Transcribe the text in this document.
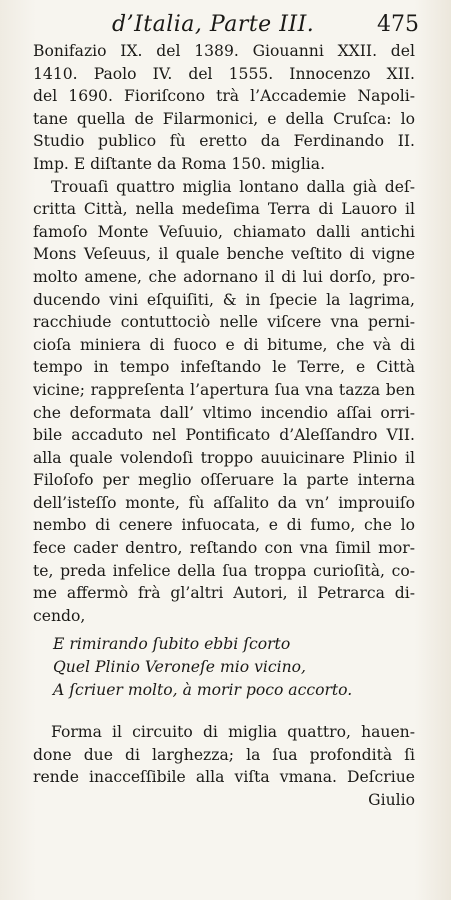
d’Italia, Parte III.	475
Bonifazio IX. del 1389. Giouanni XXII. del
1410. Paolo IV. del 1555. Innocenzo XII.
del 1690. Fioriſcono trà l’Accademie Napoli-
tane quella de Filarmonici, e della Cruſca: lo
Studio publico fù eretto da Ferdinando II.
Imp. E diſtante da Roma 150. miglia.
Trouaſi quattro miglia lontano dalla già deſ-
critta Città, nella medeſima Terra di Lauoro il
famoſo Monte Veſuuio, chiamato dalli antichi
Mons Veſeuus, il quale benche veſtito di vigne
molto amene, che adornano il di lui dorſo, pro-
ducendo vini eſquiſiti, & in ſpecie la lagrima,
racchiude contuttociò nelle viſcere vna perni-
cioſa miniera di fuoco e di bitume, che và di
tempo in tempo infeſtando le Terre, e Città
vicine; rappreſenta l’apertura ſua vna tazza ben
che deformata dall’ vltimo incendio aſſai orri-
bile accaduto nel Pontificato d’Aleſſandro VII.
alla quale volendoſi troppo auuicinare Plinio il
Filoſofo per meglio oſſeruare la parte interna
dell’isteſſo monte, fù aſſalito da vn’ improuiſo
nembo di cenere infuocata, e di fumo, che lo
fece cader dentro, reſtando con vna ſimil mor-
te, preda infelice della ſua troppa curioſità, co-
me affermò frà gl’altri Autori, il Petrarca di-
cendo,
E rimirando ſubito ebbi ſcorto
Quel Plinio Veroneſe mio vicino,
A ſcriuer molto, à morir poco accorto.
Forma il circuito di miglia quattro, hauen-
done due di larghezza; la ſua profondità ſi
rende inacceſſibile alla viſta vmana. Deſcriue
Giulio
